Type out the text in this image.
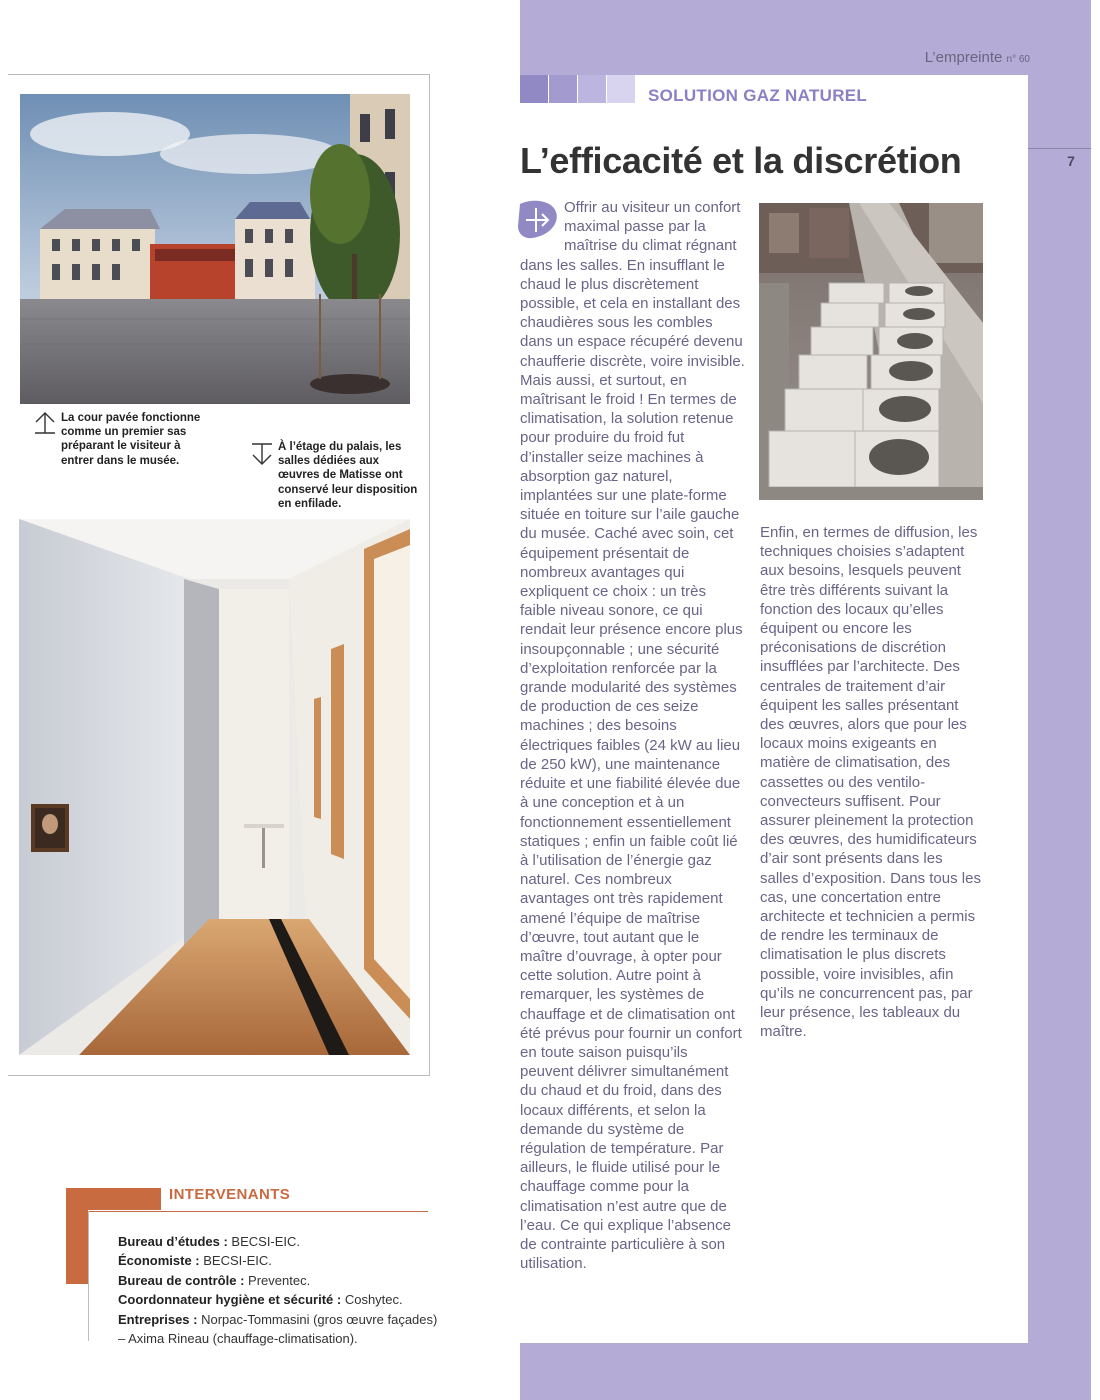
L’empreinte n° 60
7
SOLUTION GAZ NATUREL
L’efficacité et la discrétion
Offrir au visiteur un confort maximal passe par la maîtrise du climat régnant dans les salles. En insufflant le chaud le plus discrètement possible, et cela en installant des chaudières sous les combles dans un espace récupéré devenu chaufferie discrète, voire invisible. Mais aussi, et surtout, en maîtrisant le froid ! En termes de climatisation, la solution retenue pour produire du froid fut d’installer seize machines à absorption gaz naturel, implantées sur une plate-forme située en toiture sur l’aile gauche du musée. Caché avec soin, cet équipement présentait de nombreux avantages qui expliquent ce choix : un très faible niveau sonore, ce qui rendait leur présence encore plus insoupçonnable ; une sécurité d’exploitation renforcée par la grande modularité des systèmes de production de ces seize machines ; des besoins électriques faibles (24 kW au lieu de 250 kW), une maintenance réduite et une fiabilité élevée due à une conception et à un fonctionnement essentiellement statiques ; enfin un faible coût lié à l’utilisation de l’énergie gaz naturel. Ces nombreux avantages ont très rapidement amené l’équipe de maîtrise d’œuvre, tout autant que le maître d’ouvrage, à opter pour cette solution. Autre point à remarquer, les systèmes de chauffage et de climatisation ont été prévus pour fournir un confort en toute saison puisqu’ils peuvent délivrer simultanément du chaud et du froid, dans des locaux différents, et selon la demande du système de régulation de température. Par ailleurs, le fluide utilisé pour le chauffage comme pour la climatisation n’est autre que de l’eau. Ce qui explique l’absence de contrainte particulière à son utilisation.
Enfin, en termes de diffusion, les techniques choisies s’adaptent aux besoins, lesquels peuvent être très différents suivant la fonction des locaux qu’elles équipent ou encore les préconisations de discrétion insufflées par l’architecte. Des centrales de traitement d’air équipent les salles présentant des œuvres, alors que pour les locaux moins exigeants en matière de climatisation, des cassettes ou des ventilo-convecteurs suffisent. Pour assurer pleinement la protection des œuvres, des humidificateurs d’air sont présents dans les salles d’exposition. Dans tous les cas, une concertation entre architecte et technicien a permis de rendre les terminaux de climatisation le plus discrets possible, voire invisibles, afin qu’ils ne concurrencent pas, par leur présence, les tableaux du maître.
La cour pavée fonctionne comme un premier sas préparant le visiteur à entrer dans le musée.
À l’étage du palais, les salles dédiées aux œuvres de Matisse ont conservé leur disposition en enfilade.
INTERVENANTS
Bureau d’études : BECSI-EIC.
Économiste : BECSI-EIC.
Bureau de contrôle : Preventec.
Coordonnateur hygiène et sécurité : Coshytec.
Entreprises : Norpac-Tommasini (gros œuvre façades) – Axima Rineau (chauffage-climatisation).
